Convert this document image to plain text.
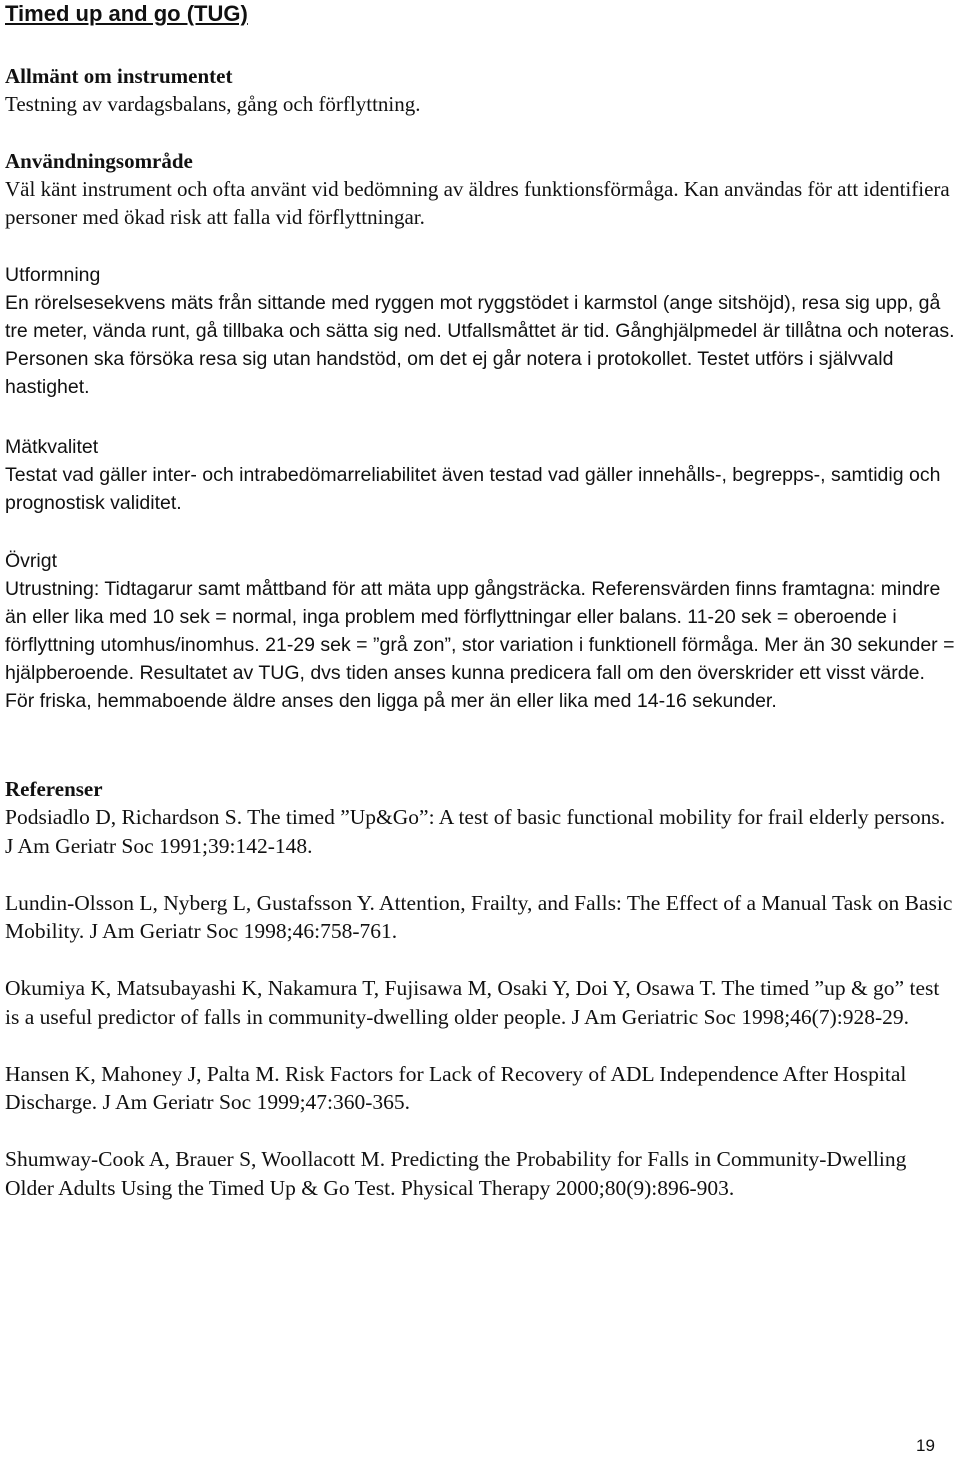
Timed up and go (TUG)

Allmänt om instrumentet

Testning av vardagsbalans, gång och förflyttning.

Användningsområde

Väl känt instrument och ofta använt vid bedömning av äldres funktionsförmåga. Kan användas för att identifiera personer med ökad risk att falla vid förflyttningar.

Utformning

En rörelsesekvens mäts från sittande med ryggen mot ryggstödet i karmstol (ange sitshöjd), resa sig upp, gå tre meter, vända runt, gå tillbaka och sätta sig ned. Utfallsmåttet är tid. Gånghjälpmedel är tillåtna och noteras. Personen ska försöka resa sig utan handstöd, om det ej går notera i protokollet. Testet utförs i självvald hastighet.

Mätkvalitet

Testat vad gäller inter- och intrabedömarreliabilitet även testad vad gäller innehålls-, begrepps-, samtidig och prognostisk validitet.

Övrigt

Utrustning: Tidtagarur samt måttband för att mäta upp gångsträcka. Referensvärden finns framtagna: mindre än eller lika med 10 sek = normal, inga problem med förflyttningar eller balans. 11-20 sek = oberoende i förflyttning utomhus/inomhus. 21-29 sek = ”grå zon”, stor variation i funktionell förmåga. Mer än 30 sekunder = hjälpberoende. Resultatet av TUG, dvs tiden anses kunna predicera fall om den överskrider ett visst värde. För friska, hemmaboende äldre anses den ligga på mer än eller lika med 14-16 sekunder.

Referenser

Podsiadlo D, Richardson S. The timed ”Up&Go”: A test of basic functional mobility for frail elderly persons. J Am Geriatr Soc 1991;39:142-148.

Lundin-Olsson L, Nyberg L, Gustafsson Y. Attention, Frailty, and Falls: The Effect of a Manual Task on Basic Mobility. J Am Geriatr Soc 1998;46:758-761.

Okumiya K, Matsubayashi K, Nakamura T, Fujisawa M, Osaki Y, Doi Y, Osawa T. The timed ”up & go” test is a useful predictor of falls in community-dwelling older people. J Am Geriatric Soc 1998;46(7):928-29.

Hansen K, Mahoney J, Palta M. Risk Factors for Lack of Recovery of ADL Independence After Hospital Discharge. J Am Geriatr Soc 1999;47:360-365.

Shumway-Cook A, Brauer S, Woollacott M. Predicting the Probability for Falls in Community-Dwelling Older Adults Using the Timed Up & Go Test. Physical Therapy 2000;80(9):896-903.

19
